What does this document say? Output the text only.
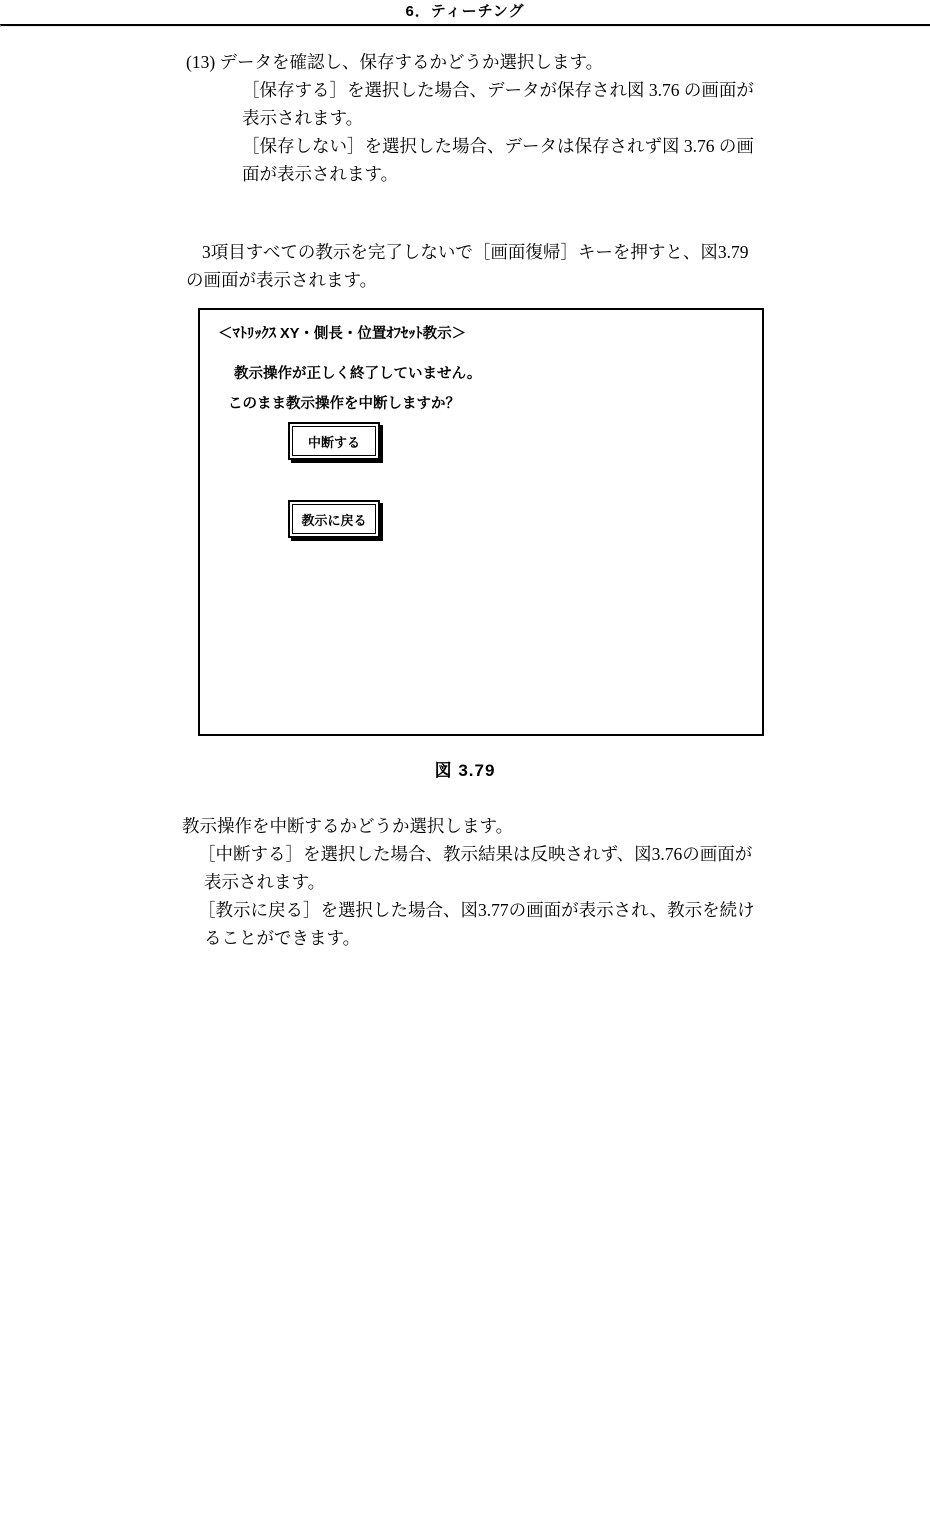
6．ティーチング
(13) データを確認し、保存するかどうか選択します。
［保存する］を選択した場合、データが保存され図 3.76 の画面が
表示されます。
［保存しない］を選択した場合、データは保存されず図 3.76 の画
面が表示されます。
3項目すべての教示を完了しないで［画面復帰］キーを押すと、図3.79
の画面が表示されます。
＜ﾏﾄﾘｯｸｽ XY・側長・位置ｵﾌｾｯﾄ教示＞
教示操作が正しく終了していません。
このまま教示操作を中断しますか？
中断する
教示に戻る
図 3.79
教示操作を中断するかどうか選択します。
［中断する］を選択した場合、教示結果は反映されず、図3.76の画面が
表示されます。
［教示に戻る］を選択した場合、図3.77の画面が表示され、教示を続け
ることができます。
